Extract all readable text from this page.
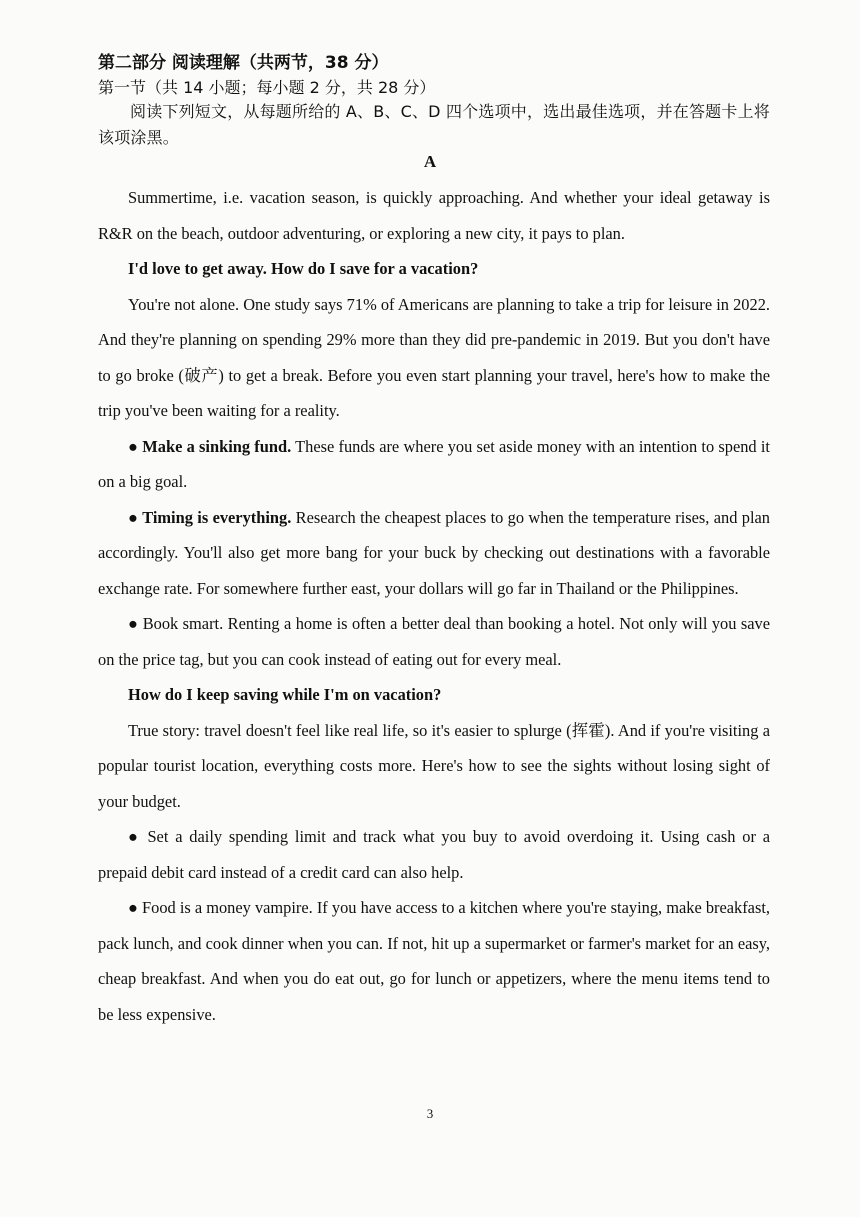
第二部分 阅读理解（共两节，38 分）
第一节（共 14 小题；每小题 2 分，共 28 分）
阅读下列短文，从每题所给的 A、B、C、D 四个选项中，选出最佳选项，并在答题卡上将该项涂黑。
A

Summertime, i.e. vacation season, is quickly approaching. And whether your ideal getaway is R&R on the beach, outdoor adventuring, or exploring a new city, it pays to plan.

I'd love to get away. How do I save for a vacation?

You're not alone. One study says 71% of Americans are planning to take a trip for leisure in 2022. And they're planning on spending 29% more than they did pre-pandemic in 2019. But you don't have to go broke (破产) to get a break. Before you even start planning your travel, here's how to make the trip you've been waiting for a reality.

● Make a sinking fund. These funds are where you set aside money with an intention to spend it on a big goal.

● Timing is everything. Research the cheapest places to go when the temperature rises, and plan accordingly. You'll also get more bang for your buck by checking out destinations with a favorable exchange rate. For somewhere further east, your dollars will go far in Thailand or the Philippines.

● Book smart. Renting a home is often a better deal than booking a hotel. Not only will you save on the price tag, but you can cook instead of eating out for every meal.

How do I keep saving while I'm on vacation?

True story: travel doesn't feel like real life, so it's easier to splurge (挥霍). And if you're visiting a popular tourist location, everything costs more. Here's how to see the sights without losing sight of your budget.

● Set a daily spending limit and track what you buy to avoid overdoing it. Using cash or a prepaid debit card instead of a credit card can also help.

● Food is a money vampire. If you have access to a kitchen where you're staying, make breakfast, pack lunch, and cook dinner when you can. If not, hit up a supermarket or farmer's market for an easy, cheap breakfast. And when you do eat out, go for lunch or appetizers, where the menu items tend to be less expensive.

3
